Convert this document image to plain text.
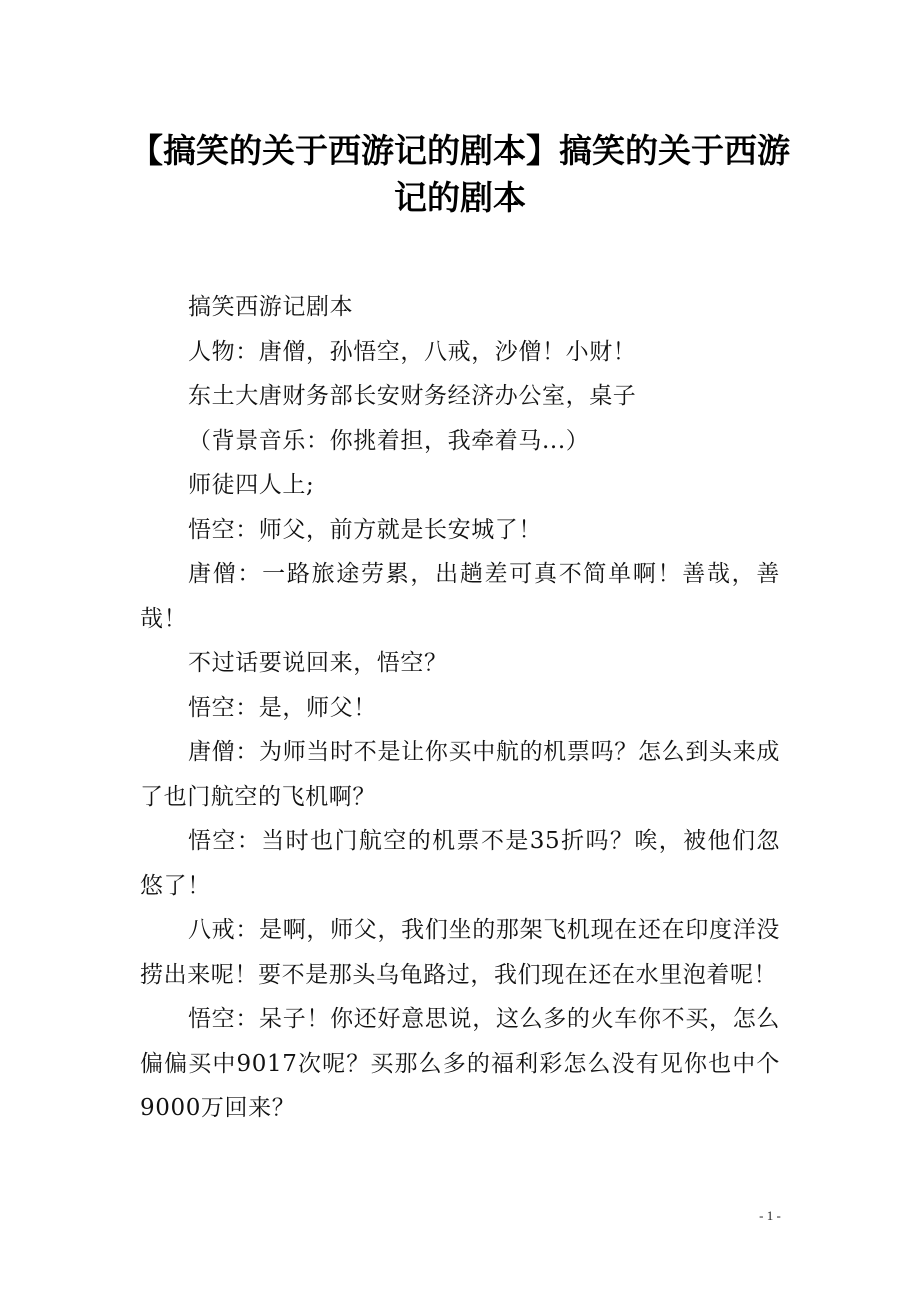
【搞笑的关于西游记的剧本】搞笑的关于西游记的剧本

搞笑西游记剧本

人物：唐僧，孙悟空，八戒，沙僧！小财！

东土大唐财务部长安财务经济办公室，桌子

（背景音乐：你挑着担，我牵着马...）

师徒四人上;

悟空：师父，前方就是长安城了！

唐僧：一路旅途劳累，出趟差可真不简单啊！善哉，善哉！

不过话要说回来，悟空？

悟空：是，师父！

唐僧：为师当时不是让你买中航的机票吗？怎么到头来成了也门航空的飞机啊？

悟空：当时也门航空的机票不是35折吗？唉，被他们忽悠了！

八戒：是啊，师父，我们坐的那架飞机现在还在印度洋没捞出来呢！要不是那头乌龟路过，我们现在还在水里泡着呢！

悟空：呆子！你还好意思说，这么多的火车你不买，怎么偏偏买中9017次呢？买那么多的福利彩怎么没有见你也中个9000万回来？

- 1 -
